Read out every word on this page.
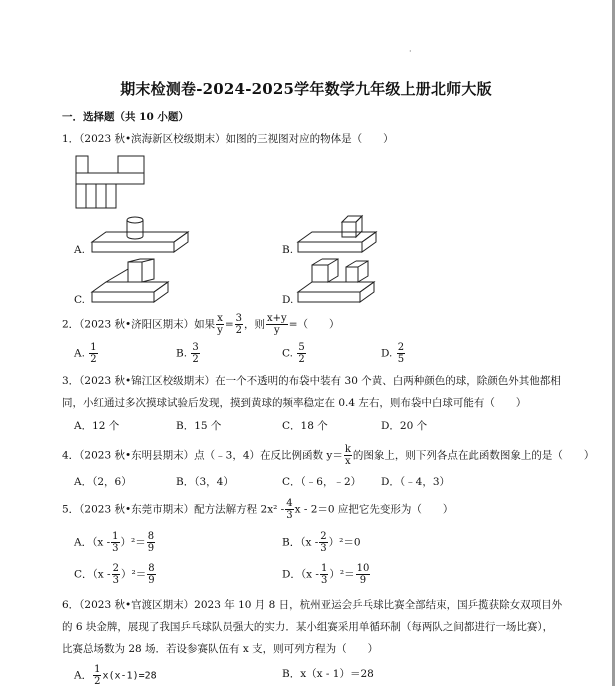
·
期末检测卷-2024-2025学年数学九年级上册北师大版
一．选择题（共 10 小题）
1．（2023 秋•滨海新区校级期末）如图的三视图对应的物体是（　　）
A.	B.
C.	D.
2．（2023 秋•济阳区期末）如果 $\frac{x}{y} = \frac{3}{2}$ ，则 $\frac{x+y}{y}$ =（　　）
A. $\frac{1}{2}$	B. $\frac{3}{2}$	C. $\frac{5}{2}$	D. $\frac{2}{5}$
3．（2023 秋•锦江区校级期末）在一个不透明的布袋中装有 30 个黄、白两种颜色的球，除颜色外其他都相
同，小红通过多次摸球试验后发现，摸到黄球的频率稳定在 0.4 左右，则布袋中白球可能有（　　）
A．12 个	B．15 个	C．18 个	D．20 个
4．（2023 秋•东明县期末）点（﹣3，4）在反比例函数 $y= \frac{k}{x}$ 的图象上，则下列各点在此函数图象上的是（　　）
A．（2，6）	B．（3，4）	C．（﹣6，﹣2） D．（﹣4，3）
5．（2023 秋•东莞市期末）配方法解方程 $2x^2 - \frac{4}{3}$ x - 2＝0 应把它先变形为（　　）
A．$(x - \frac{1}{3} )^2= \frac{8}{9}$	B．$(x - \frac{2}{3} )^2=0$
C．$(x - \frac{2}{3} )^2= \frac{8}{9}$	D．$(x - \frac{1}{3} )^2= \frac{10}{9}$
6．（2023 秋•官渡区期末）2023 年 10 月 8 日，杭州亚运会乒乓球比赛全部结束，国乒揽获除女双项目外
的 6 块金牌，展现了我国乒乓球队员强大的实力．某小组赛采用单循环制（每两队之间都进行一场比赛），
比赛总场数为 28 场．若设参赛队伍有 x 支，则可列方程为（　　）
A． $\frac{1}{2} x(x-1)=28$	B．x（x - 1）＝28
